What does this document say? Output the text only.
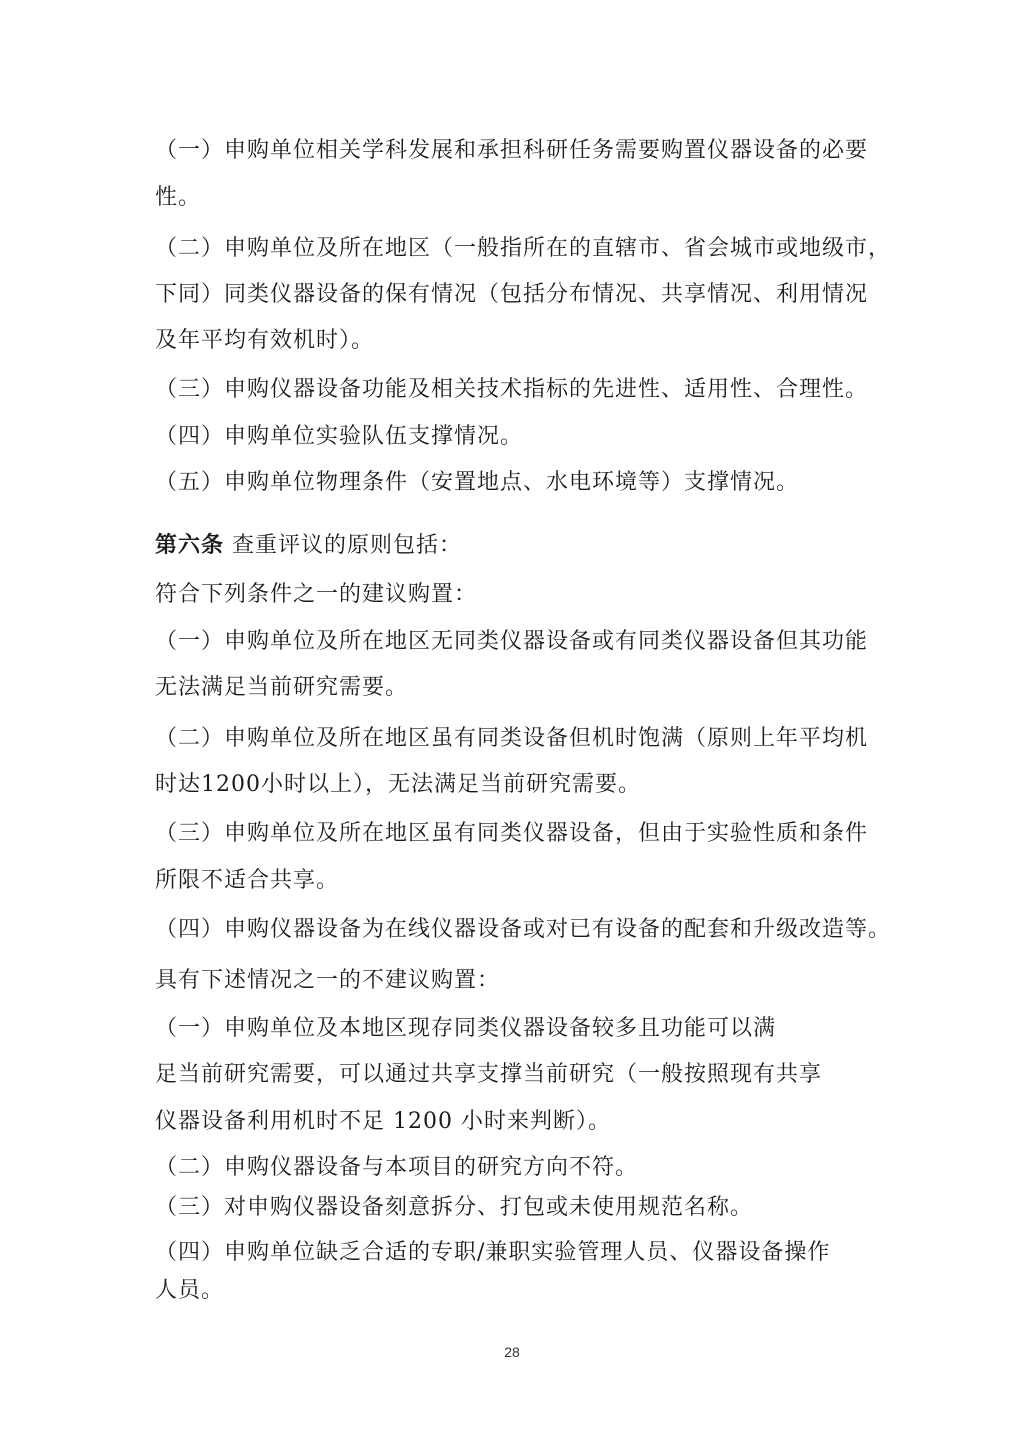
（一）申购单位相关学科发展和承担科研任务需要购置仪器设备的必要
性。
（二）申购单位及所在地区（一般指所在的直辖市、省会城市或地级市，
下同）同类仪器设备的保有情况（包括分布情况、共享情况、利用情况
及年平均有效机时）。
（三）申购仪器设备功能及相关技术指标的先进性、适用性、合理性。
（四）申购单位实验队伍支撑情况。
（五）申购单位物理条件（安置地点、水电环境等）支撑情况。
第六条 查重评议的原则包括：
符合下列条件之一的建议购置：
（一）申购单位及所在地区无同类仪器设备或有同类仪器设备但其功能
无法满足当前研究需要。
（二）申购单位及所在地区虽有同类设备但机时饱满（原则上年平均机
时达1200小时以上），无法满足当前研究需要。
（三）申购单位及所在地区虽有同类仪器设备，但由于实验性质和条件
所限不适合共享。
（四）申购仪器设备为在线仪器设备或对已有设备的配套和升级改造等。
具有下述情况之一的不建议购置：
（一）申购单位及本地区现存同类仪器设备较多且功能可以满
足当前研究需要，可以通过共享支撑当前研究（一般按照现有共享
仪器设备利用机时不足 1200 小时来判断）。
（二）申购仪器设备与本项目的研究方向不符。
（三）对申购仪器设备刻意拆分、打包或未使用规范名称。
（四）申购单位缺乏合适的专职/兼职实验管理人员、仪器设备操作
人员。
28
